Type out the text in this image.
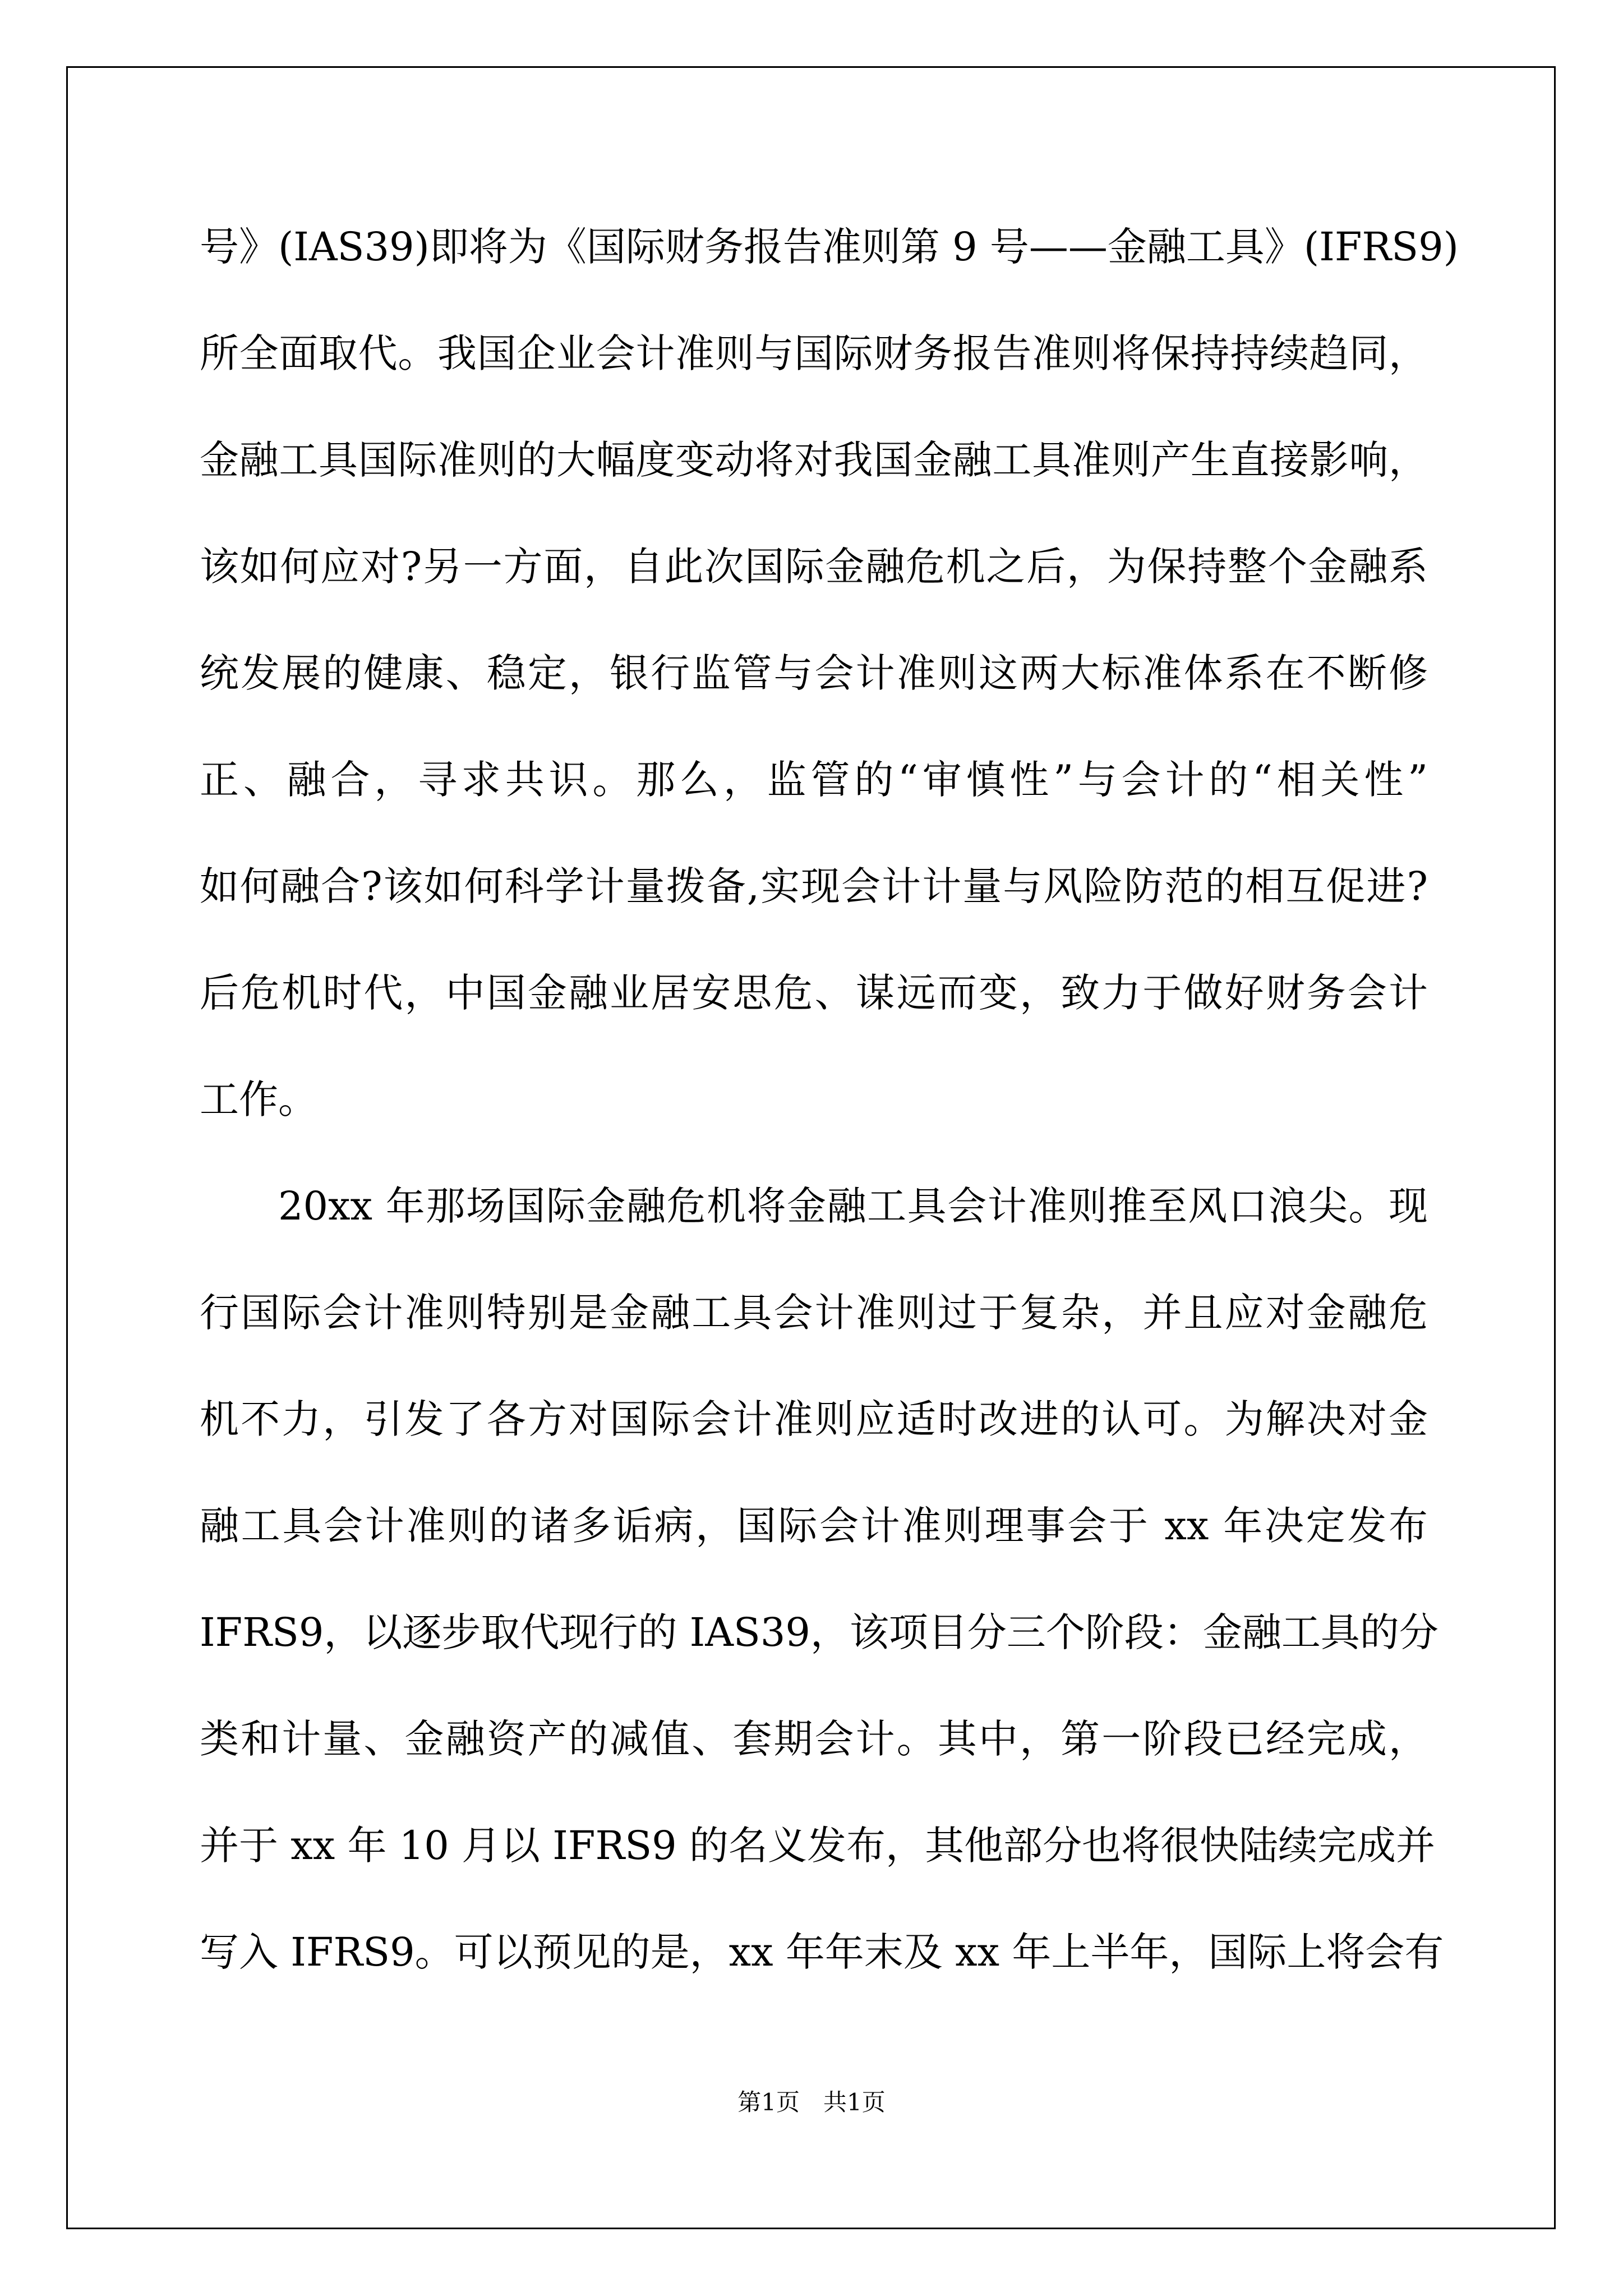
号》(IAS39)即将为《国际财务报告准则第 9 号——金融工具》(IFRS9)
所全面取代。我国企业会计准则与国际财务报告准则将保持持续趋同，
金融工具国际准则的大幅度变动将对我国金融工具准则产生直接影响，
该如何应对?另一方面，自此次国际金融危机之后，为保持整个金融系
统发展的健康、稳定，银行监管与会计准则这两大标准体系在不断修
正、融合，寻求共识。那么，监管的“审慎性”与会计的“相关性”
如何融合?该如何科学计量拨备,实现会计计量与风险防范的相互促进?
后危机时代，中国金融业居安思危、谋远而变，致力于做好财务会计
工作。
20xx 年那场国际金融危机将金融工具会计准则推至风口浪尖。现
行国际会计准则特别是金融工具会计准则过于复杂，并且应对金融危
机不力，引发了各方对国际会计准则应适时改进的认可。为解决对金
融工具会计准则的诸多诟病，国际会计准则理事会于 xx 年决定发布
IFRS9，以逐步取代现行的 IAS39，该项目分三个阶段：金融工具的分
类和计量、金融资产的减值、套期会计。其中，第一阶段已经完成，
并于 xx 年 10 月以 IFRS9 的名义发布，其他部分也将很快陆续完成并
写入 IFRS9。可以预见的是，xx 年年末及 xx 年上半年，国际上将会有
第1页　共1页
